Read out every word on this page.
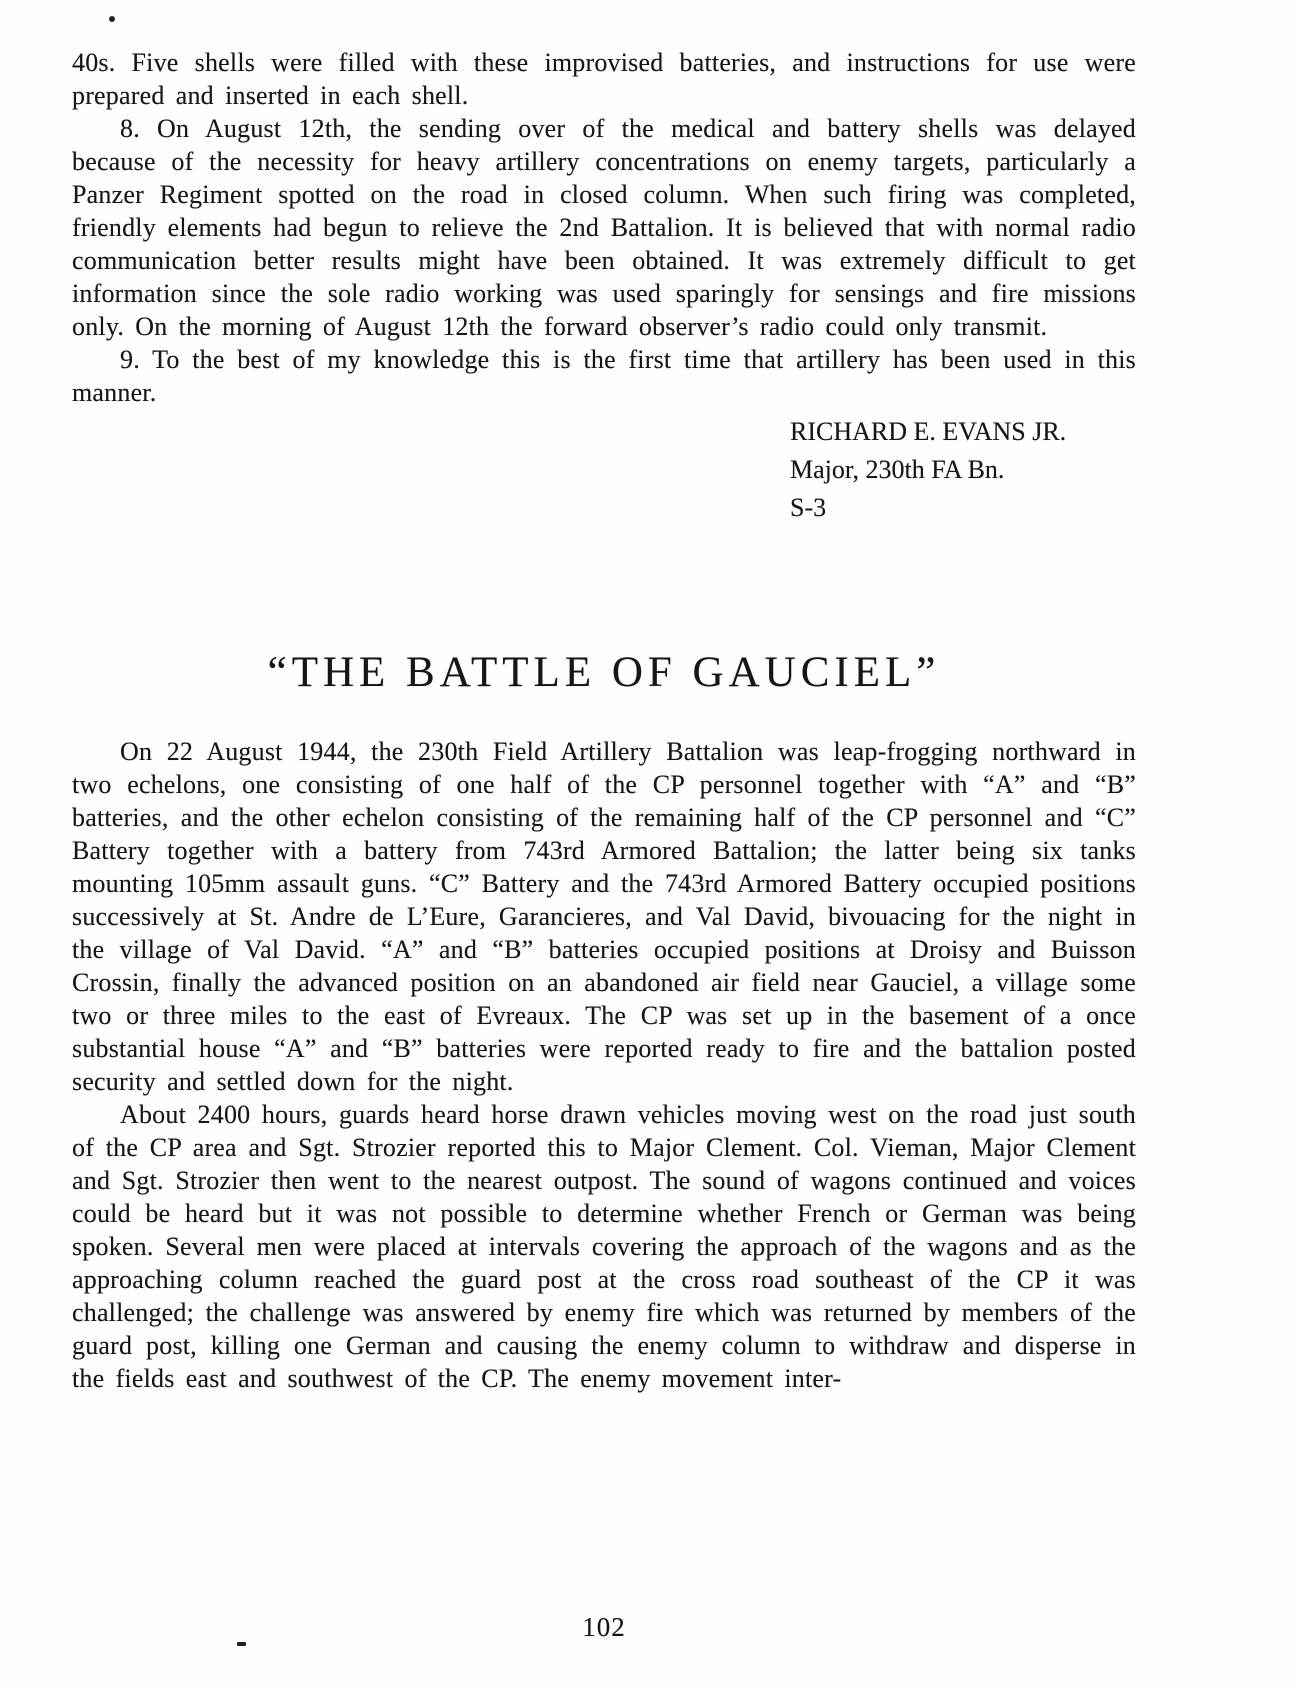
40s. Five shells were filled with these improvised batteries, and instructions for use were prepared and inserted in each shell.

8. On August 12th, the sending over of the medical and battery shells was delayed because of the necessity for heavy artillery concentrations on enemy targets, particularly a Panzer Regiment spotted on the road in closed column. When such firing was completed, friendly elements had begun to relieve the 2nd Battalion. It is believed that with normal radio communication better results might have been obtained. It was extremely difficult to get information since the sole radio working was used sparingly for sensings and fire missions only. On the morning of August 12th the forward observer’s radio could only transmit.

9. To the best of my knowledge this is the first time that artillery has been used in this manner.

RICHARD E. EVANS JR.
Major, 230th FA Bn.
S-3
“THE BATTLE OF GAUCIEL”

On 22 August 1944, the 230th Field Artillery Battalion was leap-frogging northward in two echelons, one consisting of one half of the CP personnel together with “A” and “B” batteries, and the other echelon consisting of the remaining half of the CP personnel and “C” Battery together with a battery from 743rd Armored Battalion; the latter being six tanks mounting 105mm assault guns. “C” Battery and the 743rd Armored Battery occupied positions successively at St. Andre de L’Eure, Garancieres, and Val David, bivouacing for the night in the village of Val David. “A” and “B” batteries occupied positions at Droisy and Buisson Crossin, finally the advanced position on an abandoned air field near Gauciel, a village some two or three miles to the east of Evreaux. The CP was set up in the basement of a once substantial house “A” and “B” batteries were reported ready to fire and the battalion posted security and settled down for the night.

About 2400 hours, guards heard horse drawn vehicles moving west on the road just south of the CP area and Sgt. Strozier reported this to Major Clement. Col. Vieman, Major Clement and Sgt. Strozier then went to the nearest outpost. The sound of wagons continued and voices could be heard but it was not possible to determine whether French or German was being spoken. Several men were placed at intervals covering the approach of the wagons and as the approaching column reached the guard post at the cross road southeast of the CP it was challenged; the challenge was answered by enemy fire which was returned by members of the guard post, killing one German and causing the enemy column to withdraw and disperse in the fields east and southwest of the CP. The enemy movement inter-

102
